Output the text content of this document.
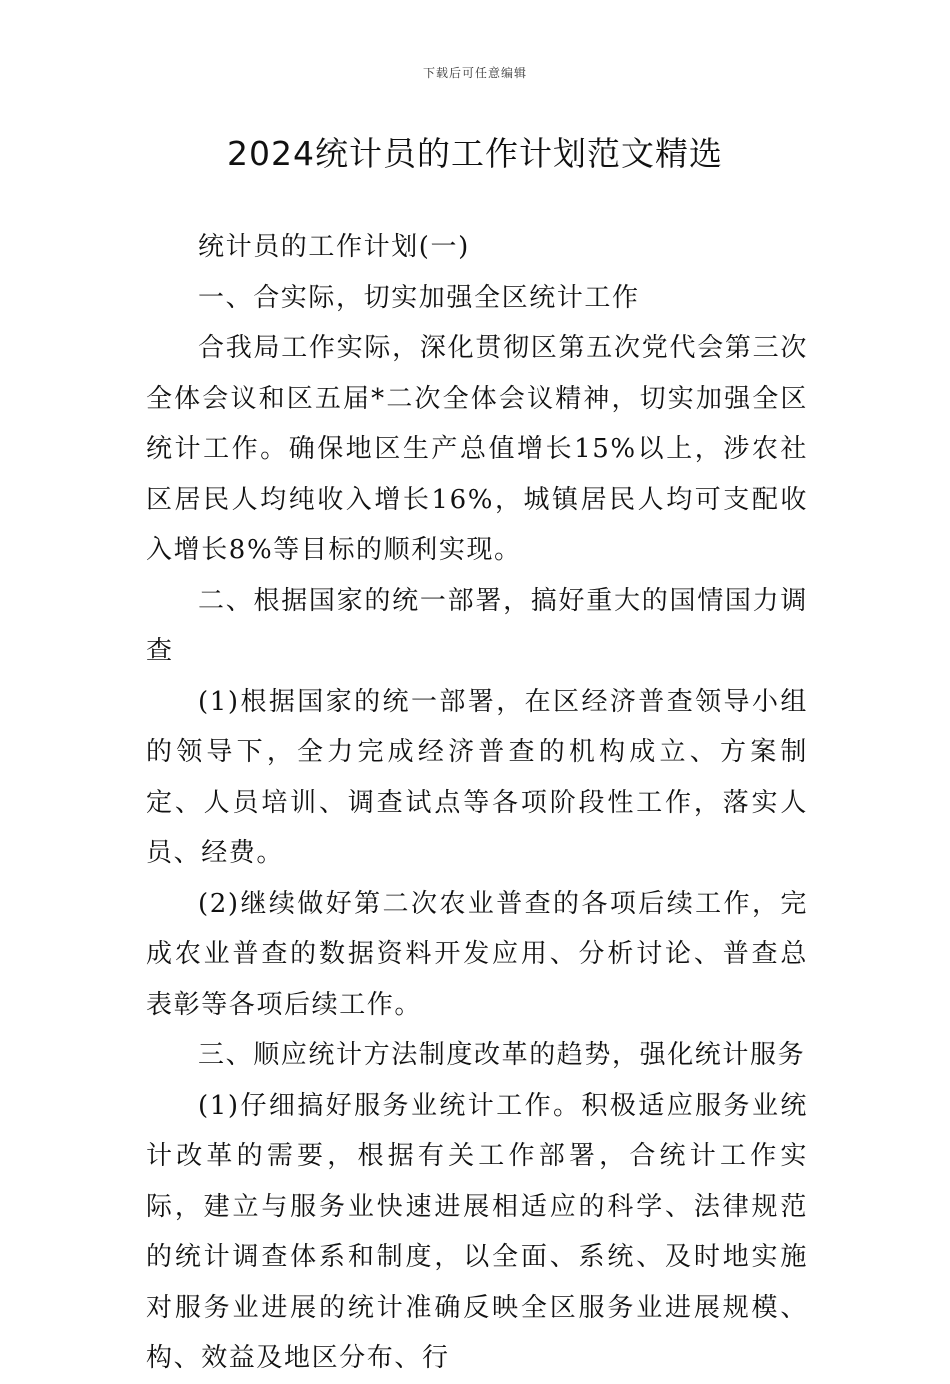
下载后可任意编辑
2024统计员的工作计划范文精选

统计员的工作计划(一)

一、合实际，切实加强全区统计工作

合我局工作实际，深化贯彻区第五次党代会第三次全体会议和区五届*二次全体会议精神，切实加强全区统计工作。确保地区生产总值增长15%以上，涉农社区居民人均纯收入增长16%，城镇居民人均可支配收入增长8%等目标的顺利实现。

二、根据国家的统一部署，搞好重大的国情国力调查

(1)根据国家的统一部署，在区经济普查领导小组的领导下，全力完成经济普查的机构成立、方案制定、人员培训、调查试点等各项阶段性工作，落实人员、经费。

(2)继续做好第二次农业普查的各项后续工作，完成农业普查的数据资料开发应用、分析讨论、普查总表彰等各项后续工作。

三、顺应统计方法制度改革的趋势，强化统计服务

(1)仔细搞好服务业统计工作。积极适应服务业统计改革的需要，根据有关工作部署，合统计工作实际，建立与服务业快速进展相适应的科学、法律规范的统计调查体系和制度，以全面、系统、及时地实施对服务业进展的统计准确反映全区服务业进展规模、构、效益及地区分布、行
